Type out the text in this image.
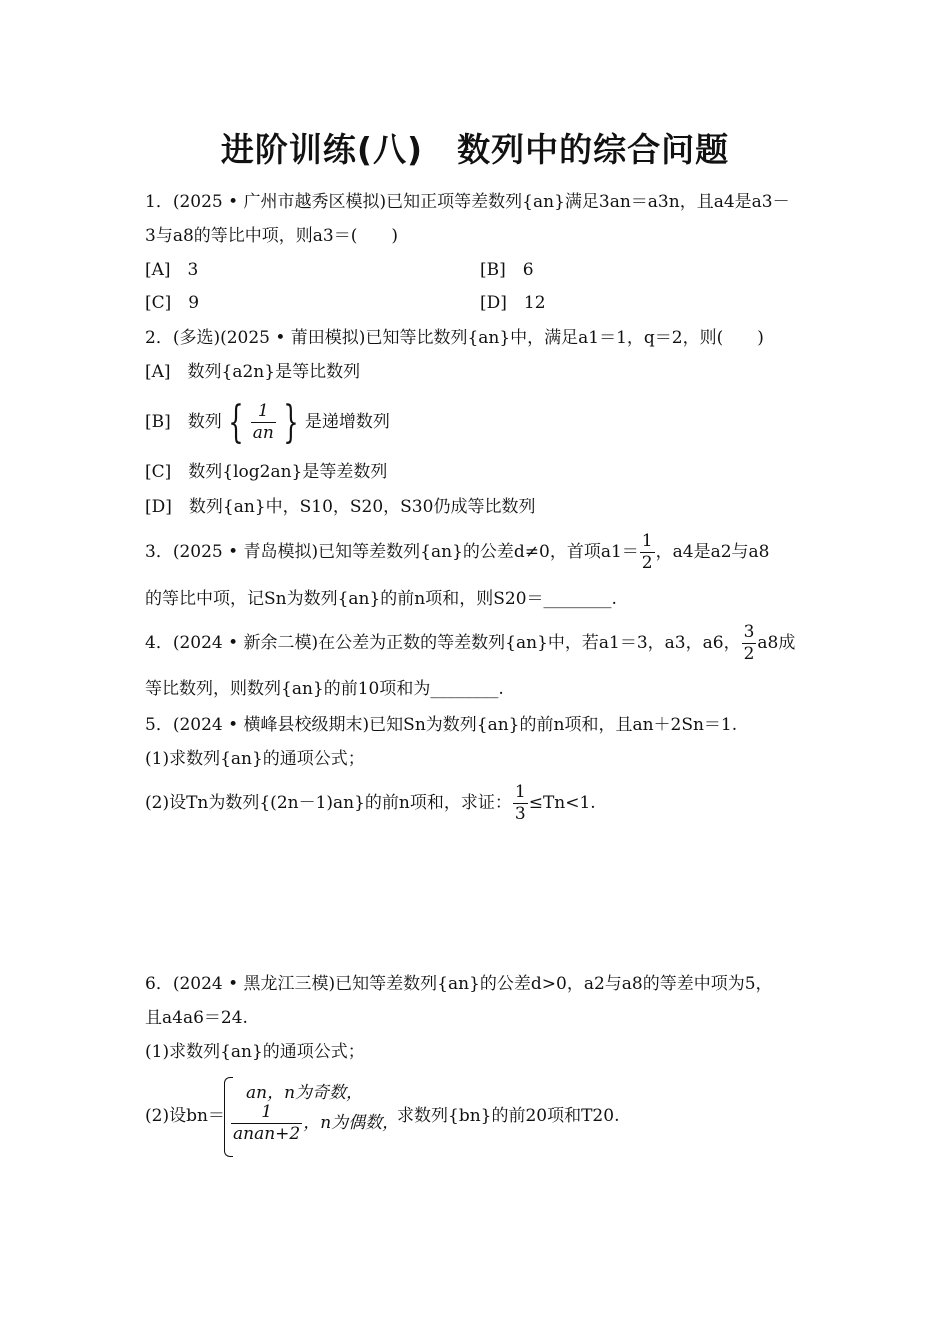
进阶训练(八)　数列中的综合问题
1．(2025 • 广州市越秀区模拟)已知正项等差数列{an}满足3an＝a3n，且a4是a3－
3与a8的等比中项，则a3＝(　　)
[A]　3	[B]　6
[C]　9	[D]　12
2．(多选)(2025 • 莆田模拟)已知等比数列{an}中，满足a1＝1，q＝2，则(　　)
[A]　数列{a2n}是等比数列
[B]　数列 { $\frac{1}{an}$ } 是递增数列
[C]　数列{log2an}是等差数列
[D]　数列{an}中，S10，S20，S30仍成等比数列
3．(2025 • 青岛模拟)已知等差数列{an}的公差d≠0，首项$a1= \frac{1}{2}$ ，a4是a2与a8
的等比中项，记Sn为数列{an}的前n项和，则S20＝________.
4．(2024 • 新余二模)在公差为正数的等差数列{an}中，若a1＝3，a3，a6， $\frac{3}{2} a8$成
等比数列，则数列{an}的前10项和为________.
5．(2024 • 横峰县校级期末)已知Sn为数列{an}的前n项和，且an＋2Sn＝1.
(1)求数列{an}的通项公式；
(2)设Tn为数列{(2n－1)an}的前n项和，求证： $\frac{1}{3} \le Tn<1$.
6．(2024 • 黑龙江三模)已知等差数列{an}的公差d>0，a2与a8的等差中项为5，
且a4a6＝24.
(1)求数列{an}的通项公式；
(2)设bn＝
an，n为奇数，
$\frac{1}{\text{anan+2}}$ ，n为偶数，
求数列{bn}的前20项和T20.
